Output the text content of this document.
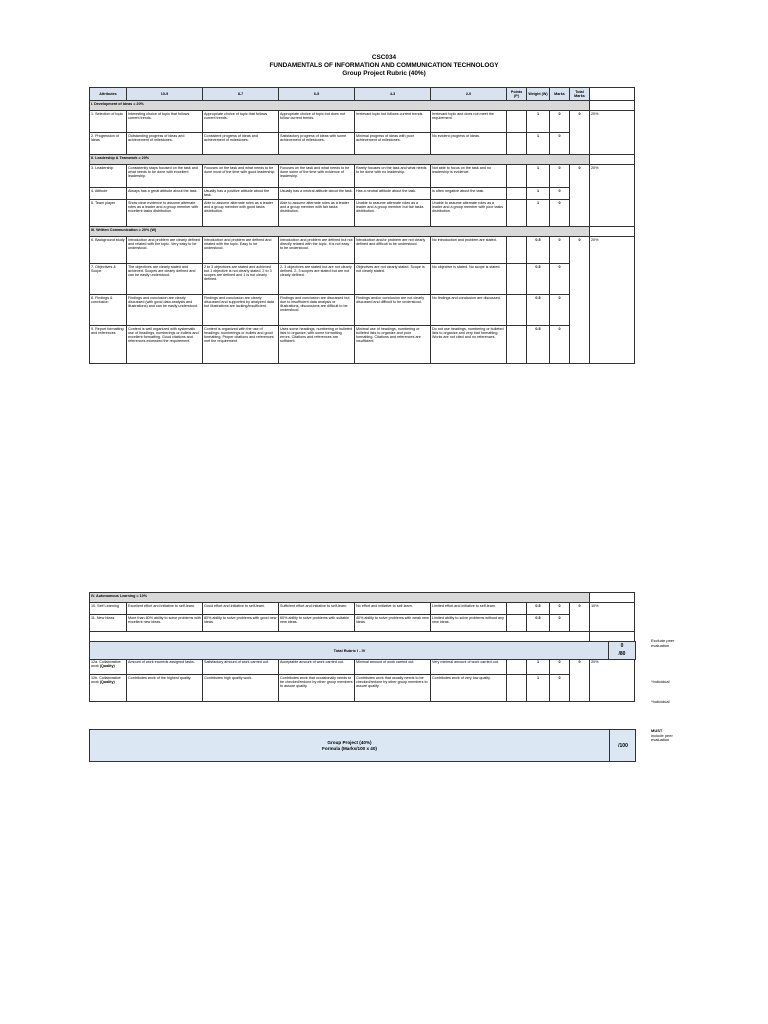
CSC034
FUNDAMENTALS OF INFORMATION AND COMMUNICATION TECHNOLOGY
Group Project Rubric (40%)
Attributes	10-9	8-7	6-5	4-3	2-0	Points (P)	Weight (W)	Marks	Total Marks	
I. Development of Ideas = 20%										
1. Selection of topic	Interesting choice of topic that follows current trends.	Appropriate choice of topic that follows current trends.	Appropriate choice of topic but does not follow current trends.	Irrelevant topic but follows current trends.	Irrelevant topic and does not meet the requirement.		1	0	0	20%
2. Progression of ideas	Outstanding progress of ideas and achievement of milestones.	Consistent progress of ideas and achievement of milestones.	Satisfactory progress of ideas with some achievement of milestones.	Minimal progress of ideas with poor achievement of milestones.	No evident progress of ideas.		1	0		
II. Leadership & Teamwork = 20%										
3. Leadership	Consistently stays focused on the task and what needs to be done with excellent leadership.	Focuses on the task and what needs to be done most of the time with good leadership.	Focuses on the task and what needs to be done some of the time with evidence of leadership.	Rarely focuses on the task and what needs to be done with no leadership.	Not able to focus on the task and no leadership is evidence.		1	0	0	20%
4. Attitude	Always has a great attitude about the task.	Usually has a positive attitude about the task.	Usually has a neutral attitude about the task.	Has a neutral attitude about the task.	Is often negative about the task.		1	0		
5. Team player	Show clear evidence to assume alternate roles as a leader and a group member with excellent tasks distribution.	Able to assume alternate roles as a leader and a group member with good tasks distribution.	Able to assume alternate roles as a leader and a group member with fair tasks distribution.	Unable to assume alternate roles as a leader and a group member but fair tasks distribution.	Unable to assume alternate roles as a leader and a group member with poor tasks distribution.		1	0		
III. Written Communication = 20% (W)										
6. Background study	Introduction and problem are clearly defined and related with the topic. Very easy to be understood.	Introduction and problem are defined and related with the topic. Easy to be understood.	Introduction and problem are defined but not directly related with the topic. It is not easy to be understood.	Introduction and/or problem are not clearly defined and difficult to be understood.	No introduction and problem are stated.		0.5	0	0	20%
7. Objectives & Scope	The objectives are clearly stated and achieved. Scopes are clearly defined and can be easily understood.	2 to 3 objectives are stated and achieved but 1 objective is not clearly stated. 2 to 3 scopes are defined and 1 is not clearly defined.	2- 3 objectives are stated but are not clearly defined. 2- 3 scopes are stated but are not clearly defined.	Objectives are not clearly stated. Scope is not clearly stated.	No objective is stated. No scope is stated.		0.5	0		
8. Findings & conclusion	Findings and conclusion are clearly discussed (with good data analysis and illustrations) and can be easily understood.	Findings and conclusion are clearly discussed and supported by analyzed data but illustrations are lacking/insufficient.	Findings and conclusion are discussed but due to insufficient data analysis or illustrations, discussions are difficult to be understood.	Findings and/or conclusion are not clearly discussed and difficult to be understood.	No findings and conclusion are discussed.		0.5	0		
9. Report formatting and references	Content is well organized with systematic use of headings, numberings or bullets and excellent formatting. Good citations and references exceeded the requirement.	Content is organized with the use of headings, numberings or bullets and good formatting. Proper citations and references met the requirement.	Uses some headings, numbering or bulleted lists to organize, with some formatting errors. Citations and references are sufficient.	Minimal use of headings, numbering or bulleted lists to organize and poor formatting. Citations and references are insufficient.	Do not use headings, numbering or bulleted lists to organize and very bad formatting. Works are not cited and no references.		0.5	0		
IV. Autonomous Learning = 10%										
10. Self Learning	Excellent effort and initiative to self-learn.	Good effort and initiative to self-learn.	Sufficient effort and initiative to self-learn.	No effort and initiative to self-learn.	Limited effort and initiative to self-learn.		0.5	0	0	10%
11. New Ideas	More than 80% ability to solve problems with excellent new ideas.	80% ability to solve problems with good new ideas.	60% ability to solve problems with suitable new ideas.	40% ability to solve problems with weak new ideas.	Limited ability to solve problems without any new ideas.		0.5	0		

12a. Collaborative work (Quality)	Amount of work exceeds assigned tasks.	Satisfactory amount of work carried out.	Acceptable amount of work carried out.	Minimal amount of work carried out.	Very minimal amount of work carried out.		1	0	0	20%
12b. Collaborative work (Quality)	Contributes work of the highest quality.	Contributes high quality work.	Contributes work that occasionally needs to be checked/redone by other group members to assure quality.	Contributes work that usually needs to be checked/redone by other group members to assure quality.	Contributes work of very low quality.		1	0		
Total Rubric I - IV
0
/80
Exclude peer evaluation
*Individual
*Individual
Group Project (40%)
Formula (Marks/100 x 40)	/100
MUST
include peer evaluation
